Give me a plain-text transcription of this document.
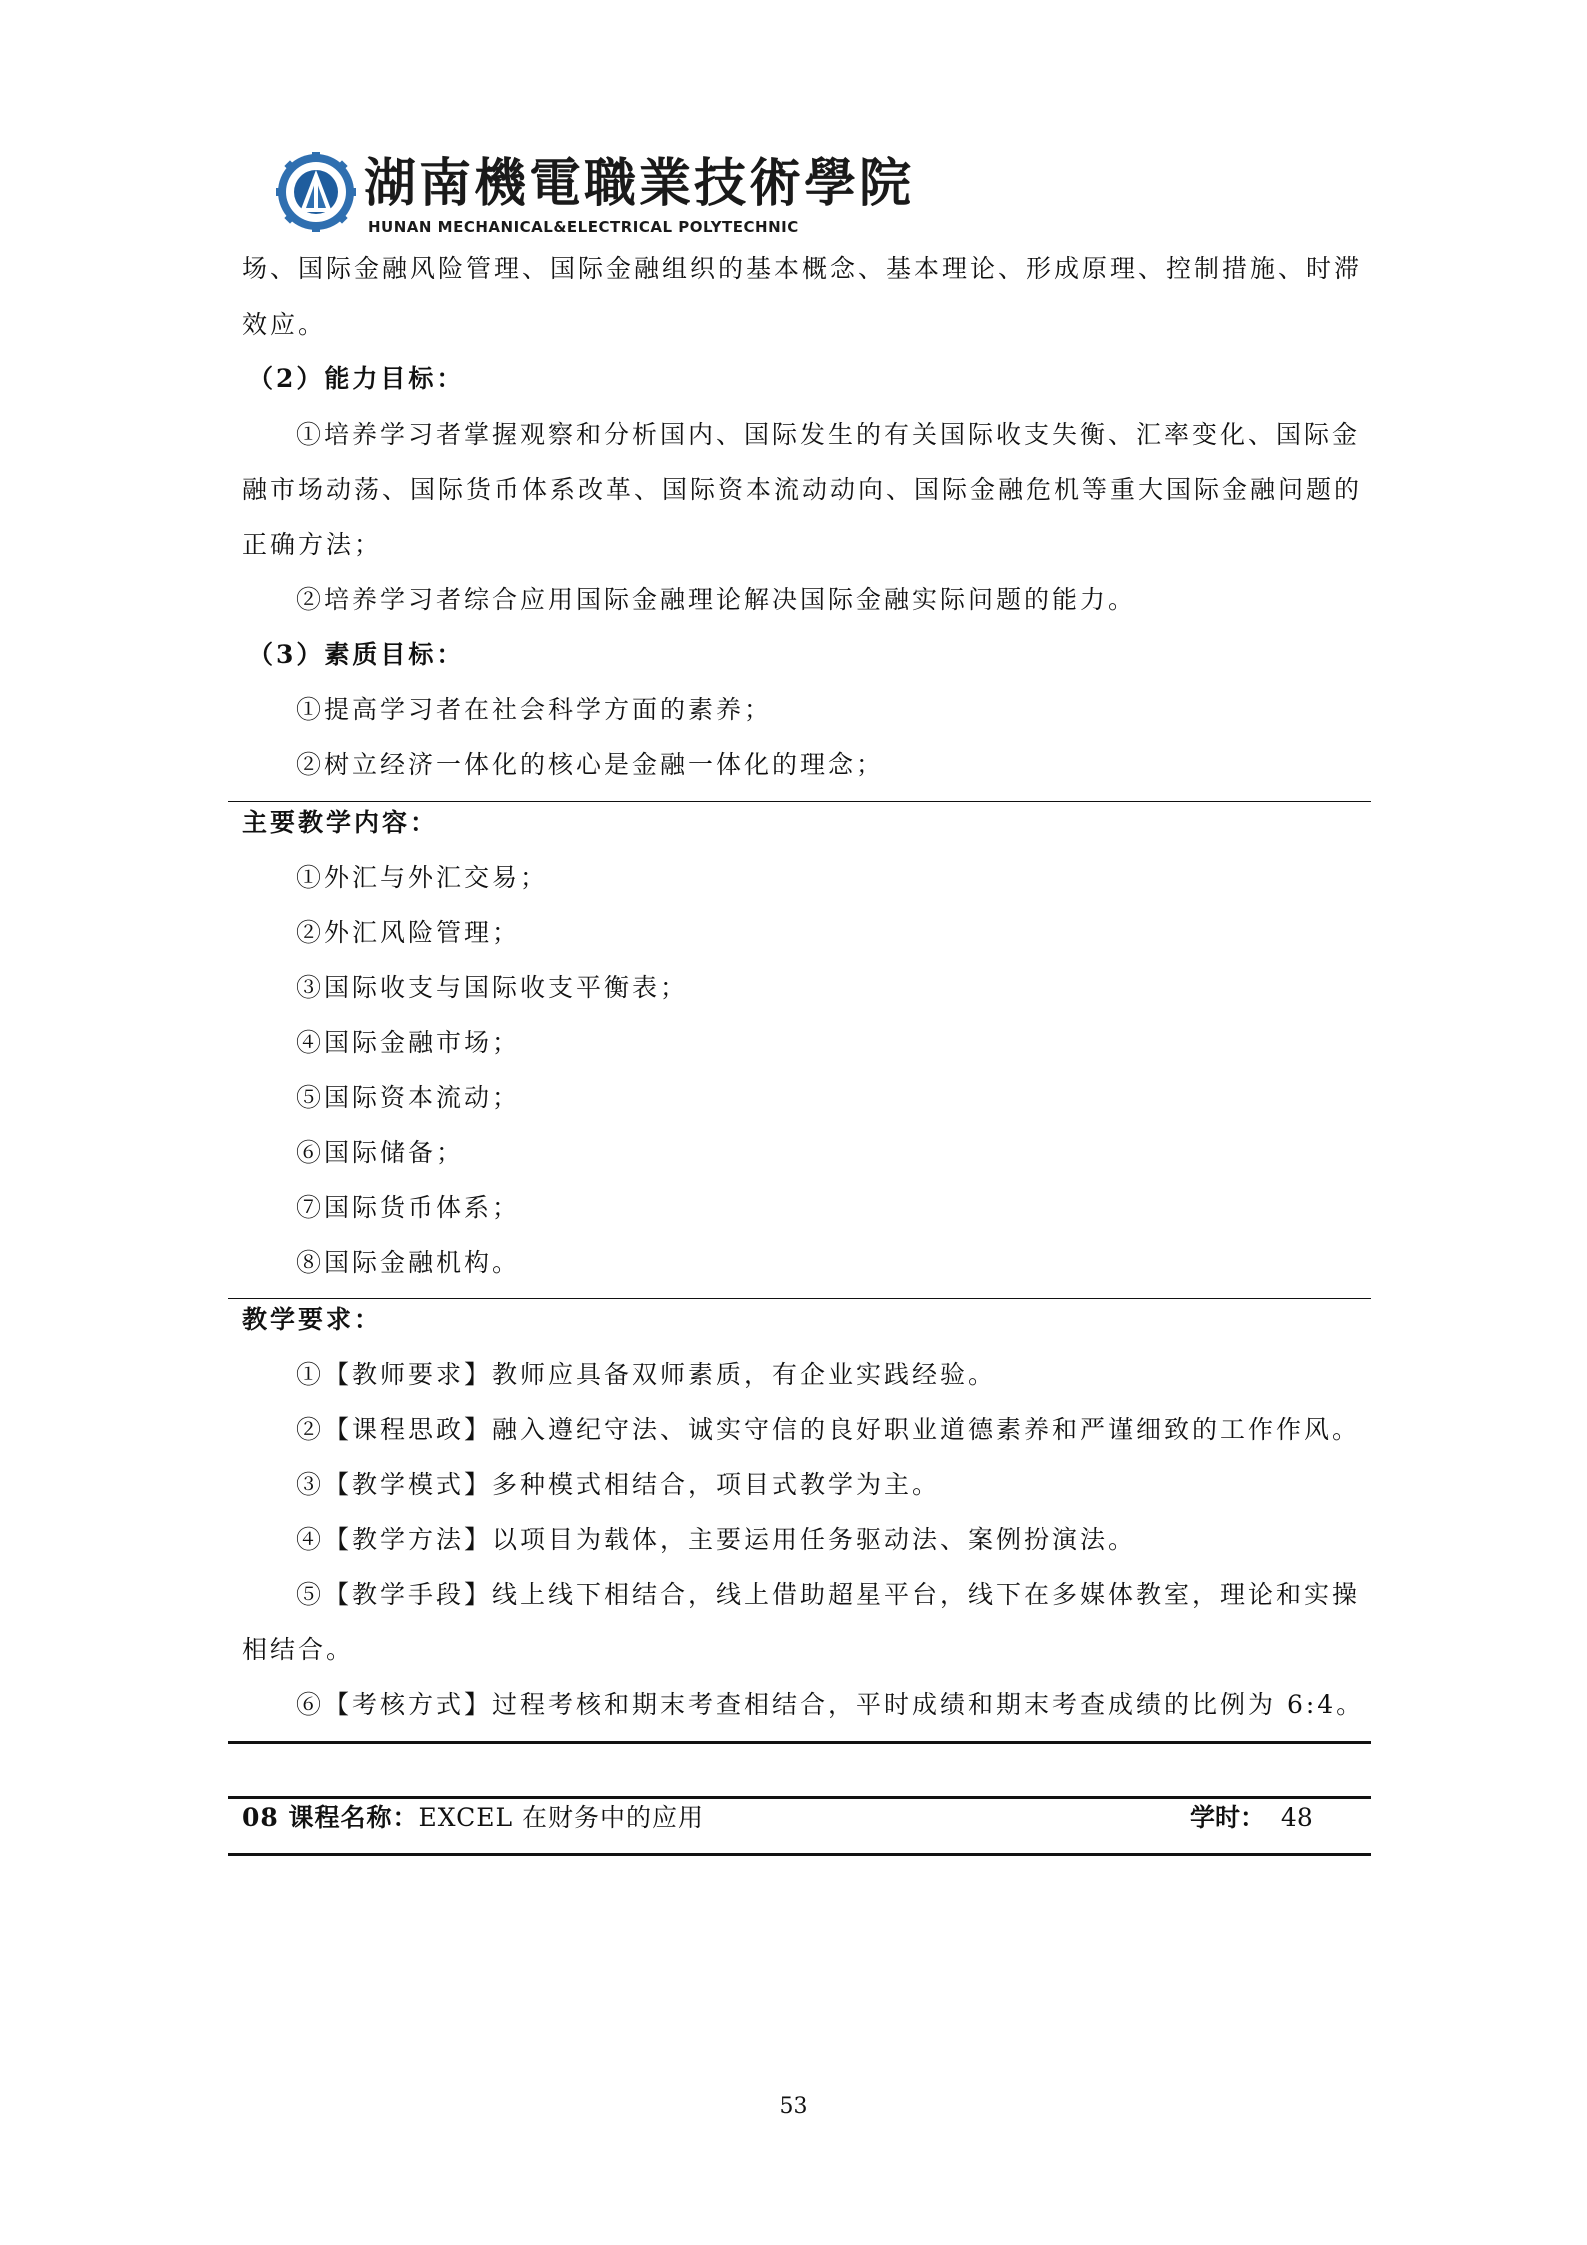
湖南機電職業技術學院
HUNAN MECHANICAL&ELECTRICAL POLYTECHNIC
场、国际金融风险管理、国际金融组织的基本概念、基本理论、形成原理、控制措施、时滞
效应。
（2）能力目标：
①培养学习者掌握观察和分析国内、国际发生的有关国际收支失衡、汇率变化、国际金
融市场动荡、国际货币体系改革、国际资本流动动向、国际金融危机等重大国际金融问题的
正确方法；
②培养学习者综合应用国际金融理论解决国际金融实际问题的能力。
（3）素质目标：
①提高学习者在社会科学方面的素养；
②树立经济一体化的核心是金融一体化的理念；
主要教学内容：
①外汇与外汇交易；
②外汇风险管理；
③国际收支与国际收支平衡表；
④国际金融市场；
⑤国际资本流动；
⑥国际储备；
⑦国际货币体系；
⑧国际金融机构。
教学要求：
①【教师要求】教师应具备双师素质，有企业实践经验。
②【课程思政】融入遵纪守法、诚实守信的良好职业道德素养和严谨细致的工作作风。
③【教学模式】多种模式相结合，项目式教学为主。
④【教学方法】以项目为载体，主要运用任务驱动法、案例扮演法。
⑤【教学手段】线上线下相结合，线上借助超星平台，线下在多媒体教室，理论和实操
相结合。
⑥【考核方式】过程考核和期末考查相结合，平时成绩和期末考查成绩的比例为 6:4。
08 课程名称：EXCEL 在财务中的应用	学时： 48
53
